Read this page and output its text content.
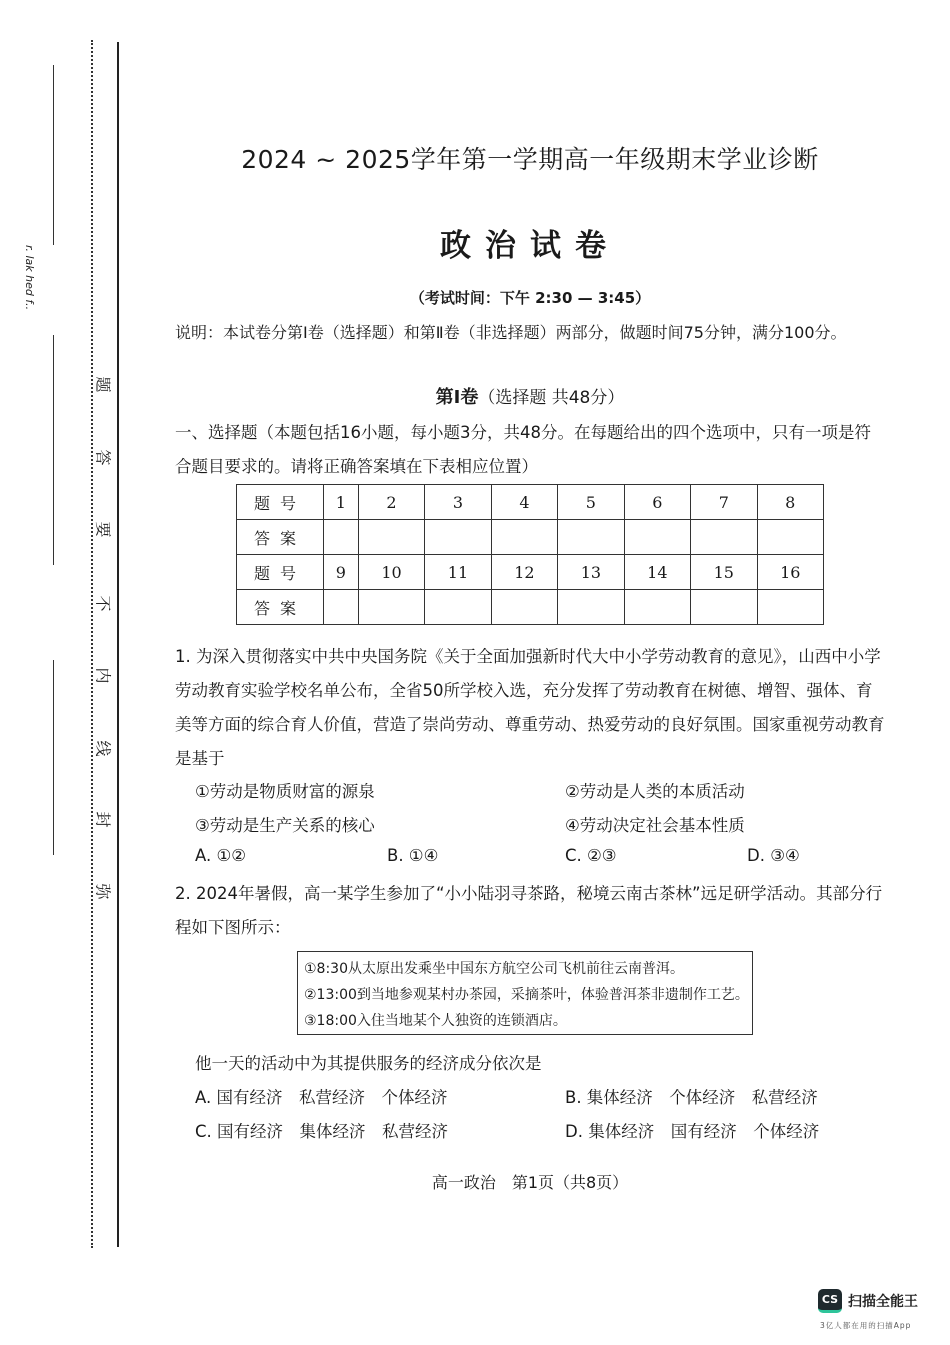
r. lak hed f..
弥
封
线
内
不
要
答
题
2024 ~ 2025学年第一学期高一年级期末学业诊断
政治试卷
（考试时间：下午 2:30 — 3:45）
说明：本试卷分第Ⅰ卷（选择题）和第Ⅱ卷（非选择题）两部分，做题时间75分钟，满分100分。
第Ⅰ卷（选择题 共48分）
一、选择题（本题包括16小题，每小题3分，共48分。在每题给出的四个选项中，只有一项是符合题目要求的。请将正确答案填在下表相应位置）
题号	1	2	3	4	5	6	7	8
答案								
题号	9	10	11	12	13	14	15	16
答案								
1. 为深入贯彻落实中共中央国务院《关于全面加强新时代大中小学劳动教育的意见》，山西中小学劳动教育实验学校名单公布，全省50所学校入选，充分发挥了劳动教育在树德、增智、强体、育美等方面的综合育人价值，营造了崇尚劳动、尊重劳动、热爱劳动的良好氛围。国家重视劳动教育是基于
①劳动是物质财富的源泉	②劳动是人类的本质活动
③劳动是生产关系的核心	④劳动决定社会基本性质
A. ①②	B. ①④	C. ②③	D. ③④
2. 2024年暑假，高一某学生参加了“小小陆羽寻茶路，秘境云南古茶林”远足研学活动。其部分行程如下图所示：
①8:30从太原出发乘坐中国东方航空公司飞机前往云南普洱。
②13:00到当地参观某村办茶园，采摘茶叶，体验普洱茶非遗制作工艺。
③18:00入住当地某个人独资的连锁酒店。
他一天的活动中为其提供服务的经济成分依次是
A. 国有经济　私营经济　个体经济	B. 集体经济　个体经济　私营经济
C. 国有经济　集体经济　私营经济	D. 集体经济　国有经济　个体经济
高一政治　第1页（共8页）
CS 扫描全能王
3亿人都在用的扫描App
